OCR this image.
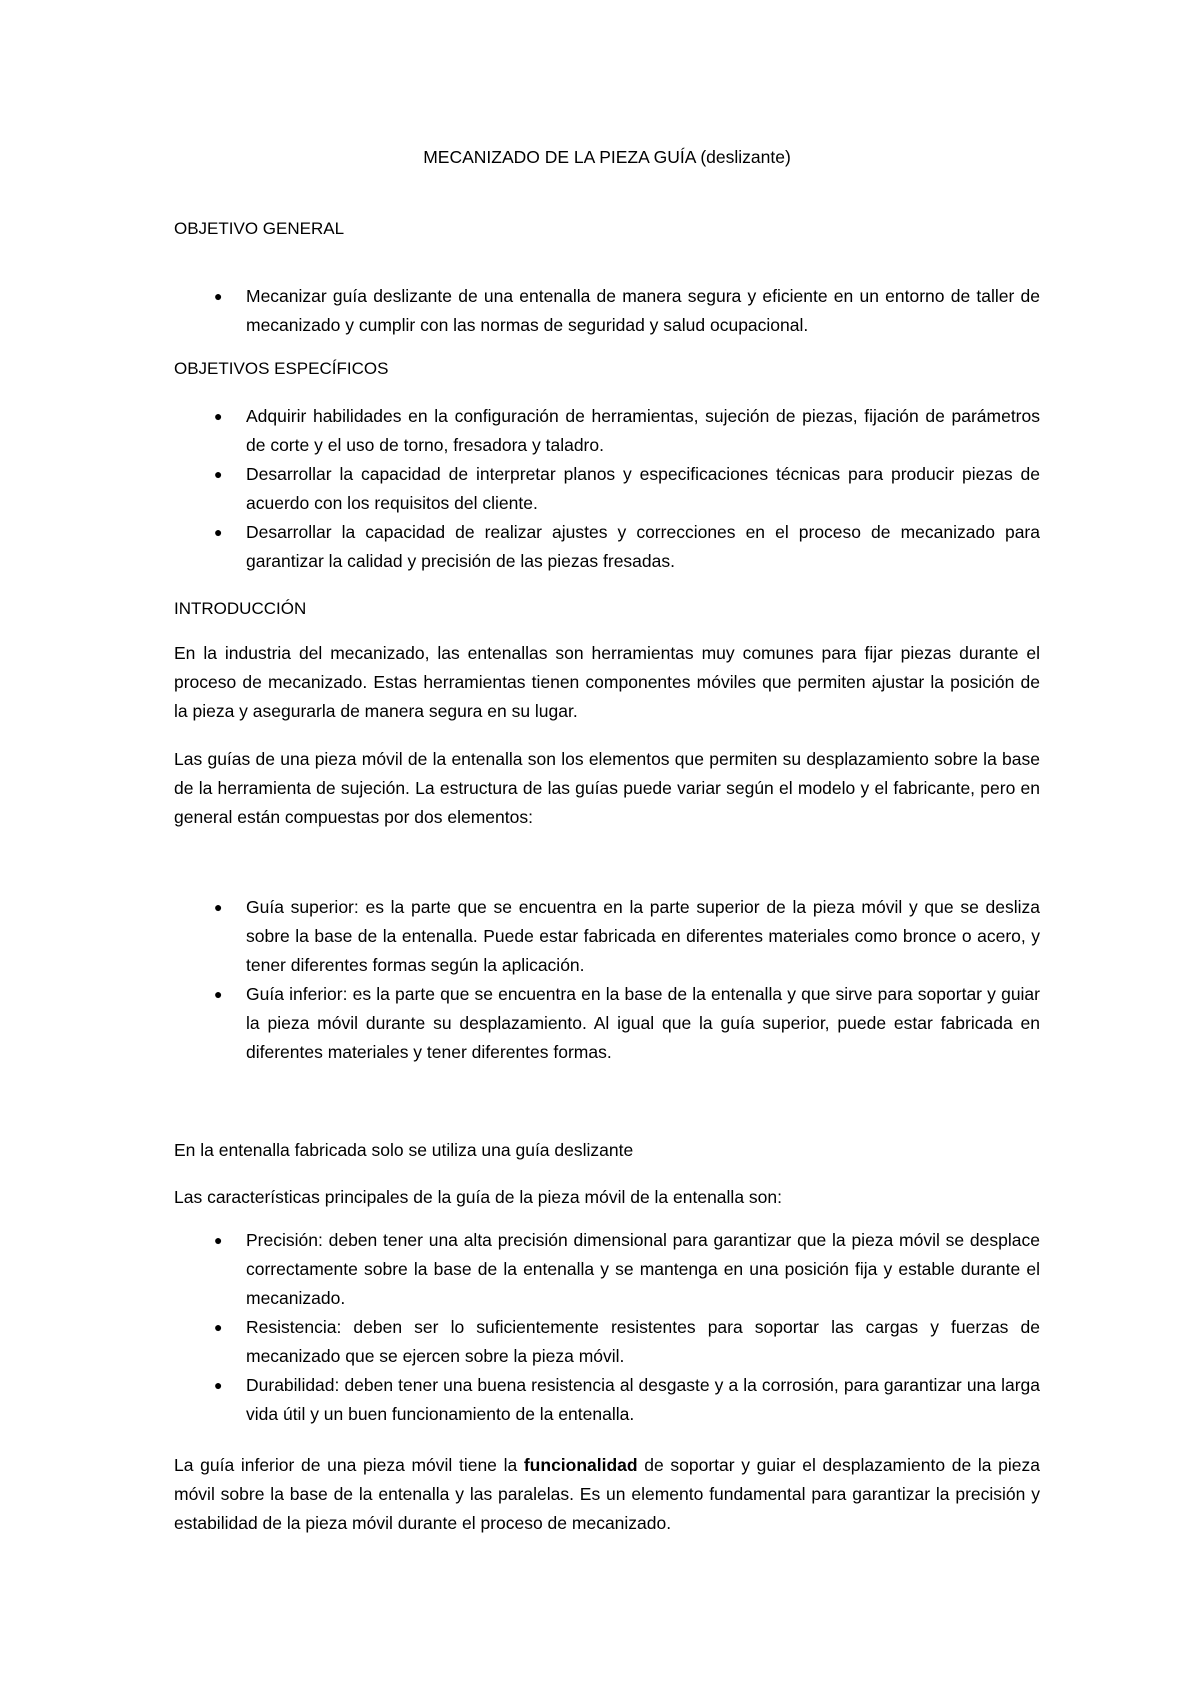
MECANIZADO DE LA PIEZA GUÍA (deslizante)
OBJETIVO GENERAL
● Mecanizar guía deslizante de una entenalla de manera segura y eficiente en un entorno de taller de mecanizado y cumplir con las normas de seguridad y salud ocupacional.
OBJETIVOS ESPECÍFICOS
● Adquirir habilidades en la configuración de herramientas, sujeción de piezas, fijación de parámetros de corte y el uso de torno, fresadora y taladro.
● Desarrollar la capacidad de interpretar planos y especificaciones técnicas para producir piezas de acuerdo con los requisitos del cliente.
● Desarrollar la capacidad de realizar ajustes y correcciones en el proceso de mecanizado para garantizar la calidad y precisión de las piezas fresadas.
INTRODUCCIÓN

En la industria del mecanizado, las entenallas son herramientas muy comunes para fijar piezas durante el proceso de mecanizado. Estas herramientas tienen componentes móviles que permiten ajustar la posición de la pieza y asegurarla de manera segura en su lugar.

Las guías de una pieza móvil de la entenalla son los elementos que permiten su desplazamiento sobre la base de la herramienta de sujeción. La estructura de las guías puede variar según el modelo y el fabricante, pero en general están compuestas por dos elementos:

● Guía superior: es la parte que se encuentra en la parte superior de la pieza móvil y que se desliza sobre la base de la entenalla. Puede estar fabricada en diferentes materiales como bronce o acero, y tener diferentes formas según la aplicación.
● Guía inferior: es la parte que se encuentra en la base de la entenalla y que sirve para soportar y guiar la pieza móvil durante su desplazamiento. Al igual que la guía superior, puede estar fabricada en diferentes materiales y tener diferentes formas.

En la entenalla fabricada solo se utiliza una guía deslizante

Las características principales de la guía de la pieza móvil de la entenalla son:

● Precisión: deben tener una alta precisión dimensional para garantizar que la pieza móvil se desplace correctamente sobre la base de la entenalla y se mantenga en una posición fija y estable durante el mecanizado.
● Resistencia: deben ser lo suficientemente resistentes para soportar las cargas y fuerzas de mecanizado que se ejercen sobre la pieza móvil.
● Durabilidad: deben tener una buena resistencia al desgaste y a la corrosión, para garantizar una larga vida útil y un buen funcionamiento de la entenalla.

La guía inferior de una pieza móvil tiene la funcionalidad de soportar y guiar el desplazamiento de la pieza móvil sobre la base de la entenalla y las paralelas. Es un elemento fundamental para garantizar la precisión y estabilidad de la pieza móvil durante el proceso de mecanizado.
